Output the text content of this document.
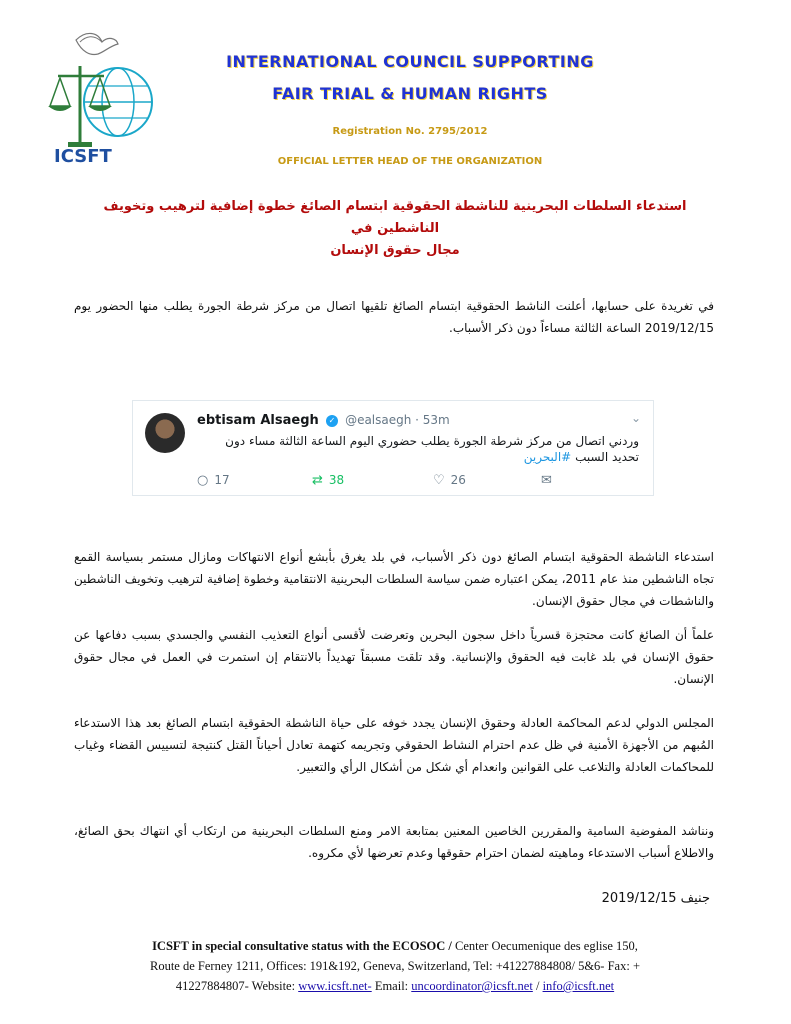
ICSFT
INTERNATIONAL COUNCIL SUPPORTING
FAIR TRIAL & HUMAN RIGHTS
Registration No. 2795/2012
OFFICIAL LETTER HEAD OF THE ORGANIZATION
استدعاء السلطات البحرينية للناشطة الحقوقية ابتسام الصائغ خطوة إضافية لترهيب وتخويف الناشطين في
مجال حقوق الإنسان
في تغريدة على حسابها، أعلنت الناشط الحقوقية ابتسام الصائغ تلقيها اتصال من مركز شرطة الجورة يطلب منها الحضور يوم 2019/12/15 الساعة الثالثة مساءاً دون ذكر الأسباب.
ebtisam Alsaegh ✓ @ealsaegh · 53m	⌄
وردني اتصال من مركز شرطة الجورة يطلب حضوري اليوم الساعة الثالثة مساء دون تحديد السبب #البحرين
○ 17	⇄ 38	♡ 26	✉
استدعاء الناشطة الحقوقية ابتسام الصائغ دون ذكر الأسباب، في بلد يغرق بأبشع أنواع الانتهاكات ومازال مستمر بسياسة القمع تجاه الناشطين منذ عام 2011، يمكن اعتباره ضمن سياسة السلطات البحرينية الانتقامية وخطوة إضافية لترهيب وتخويف الناشطين والناشطات في مجال حقوق الإنسان.
علماً أن الصائغ كانت محتجزة قسرياً داخل سجون البحرين وتعرضت لأقسى أنواع التعذيب النفسي والجسدي بسبب دفاعها عن حقوق الإنسان في بلد غابت فيه الحقوق والإنسانية. وقد تلقت مسبقاً تهديداً بالانتقام إن استمرت في العمل في مجال حقوق الإنسان.
المجلس الدولي لدعم المحاكمة العادلة وحقوق الإنسان يجدد خوفه على حياة الناشطة الحقوقية ابتسام الصائغ بعد هذا الاستدعاء المُبهم من الأجهزة الأمنية في ظل عدم احترام النشاط الحقوقي وتجريمه كتهمة تعادل أحياناً القتل كنتيجة لتسييس القضاء وغياب للمحاكمات العادلة والتلاعب على القوانين وانعدام أي شكل من أشكال الرأي والتعبير.
ونناشد المفوضية السامية والمقررين الخاصين المعنين بمتابعة الامر ومنع السلطات البحرينية من ارتكاب أي انتهاك بحق الصائغ، والاطلاع أسباب الاستدعاء وماهيته لضمان احترام حقوقها وعدم تعرضها لأي مكروه.
جنيف 2019/12/15
ICSFT in special consultative status with the ECOSOC / Center Oecumenique des eglise 150,
Route de Ferney 1211, Offices: 191&192, Geneva, Switzerland, Tel: +41227884808/ 5&6- Fax: +
41227884807- Website: www.icsft.net- Email: uncoordinator@icsft.net / info@icsft.net
